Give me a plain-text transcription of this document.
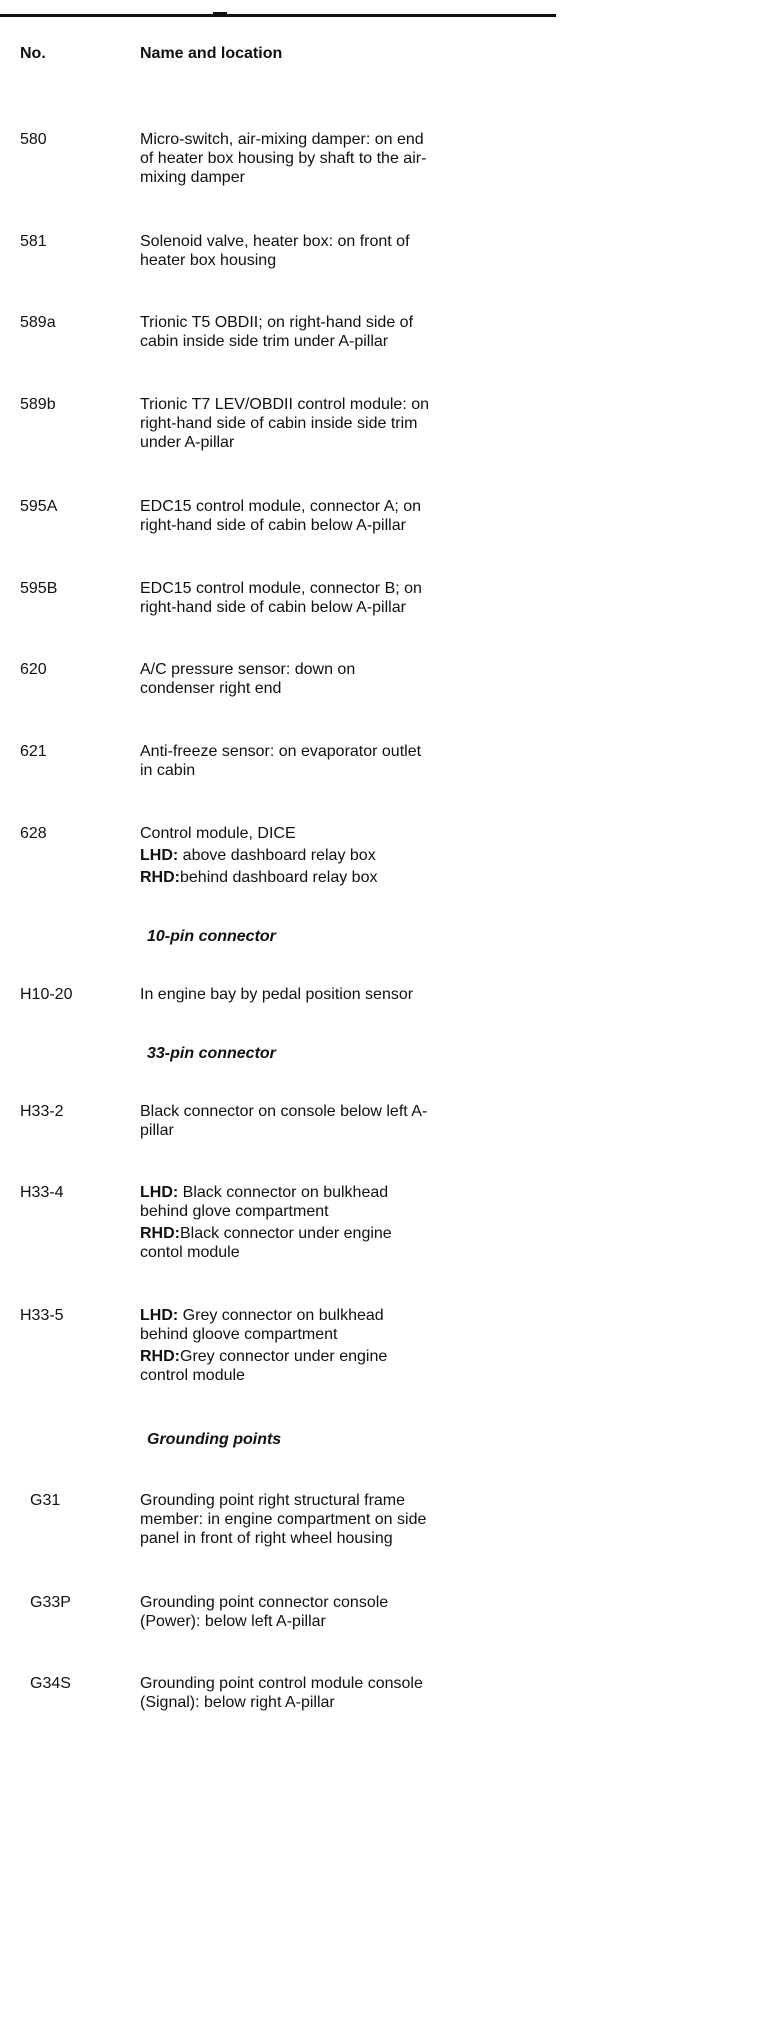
No.	Name and location
580	Micro-switch, air-mixing damper: on end
of heater box housing by shaft to the air-
mixing damper
581	Solenoid valve, heater box: on front of
heater box housing
589a	Trionic T5 OBDII; on right-hand side of
cabin inside side trim under A-pillar
589b	Trionic T7 LEV/OBDII control module: on
right-hand side of cabin inside side trim
under A-pillar
595A	EDC15 control module, connector A; on
right-hand side of cabin below A-pillar
595B	EDC15 control module, connector B; on
right-hand side of cabin below A-pillar
620	A/C pressure sensor: down on
condenser right end
621	Anti-freeze sensor: on evaporator outlet
in cabin
628	Control module, DICE
LHD: above dashboard relay box
RHD:behind dashboard relay box
10-pin connector
H10-20	In engine bay by pedal position sensor
33-pin connector
H33-2	Black connector on console below left A-
pillar
H33-4	LHD: Black connector on bulkhead
behind glove compartment
RHD:Black connector under engine
contol module
H33-5	LHD: Grey connector on bulkhead
behind gloove compartment
RHD:Grey connector under engine
control module
Grounding points
G31	Grounding point right structural frame
member: in engine compartment on side
panel in front of right wheel housing
G33P	Grounding point connector console
(Power): below left A-pillar
G34S	Grounding point control module console
(Signal): below right A-pillar
